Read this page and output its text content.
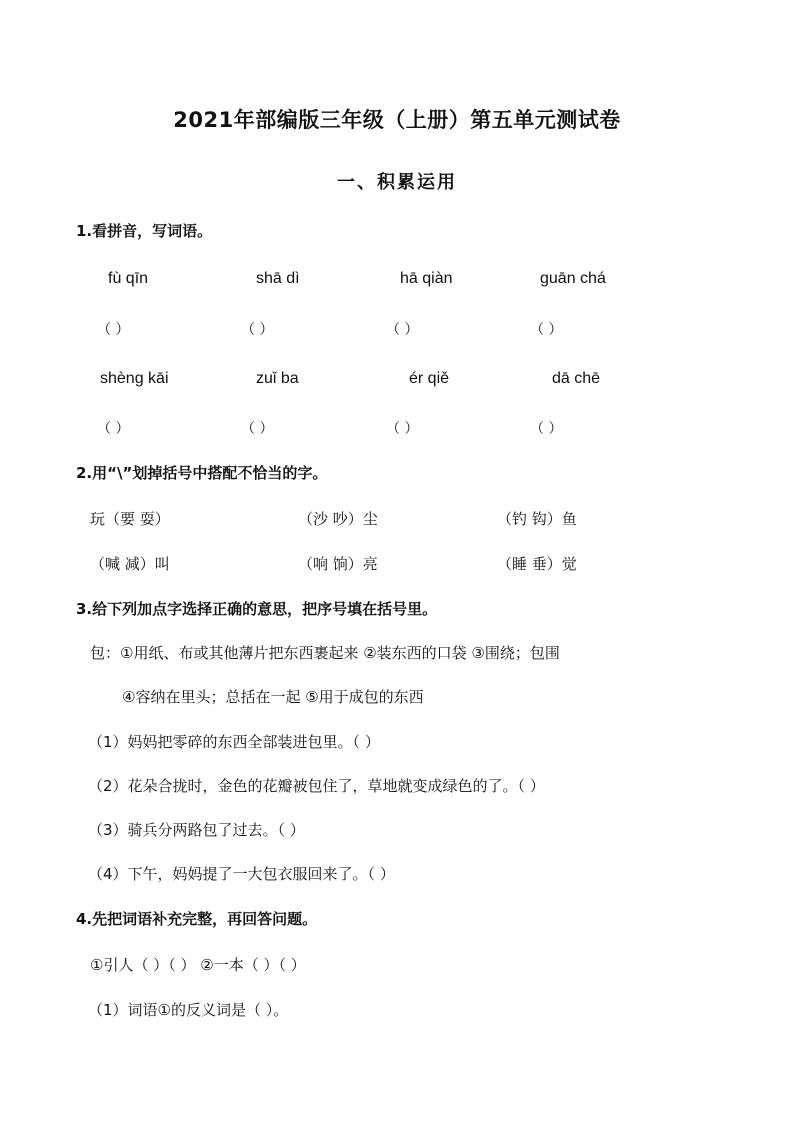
2021年部编版三年级（上册）第五单元测试卷
一、积累运用
1.看拼音，写词语。
fù qīn	shā dì	hā qiàn	guān chá
（ ）	（ ）	（ ）	（ ）
shèng kāi	zuǐ ba	ér qiě	dā chē
（ ）	（ ）	（ ）	（ ）
2.用“\”划掉括号中搭配不恰当的字。
玩（要 耍）	（沙 吵）尘	（钓 钩）鱼
（喊 减）叫	（响 饷）亮	（睡 垂）觉
3.给下列加点字选择正确的意思，把序号填在括号里。
包：①用纸、布或其他薄片把东西裹起来 ②装东西的口袋 ③围绕；包围
④容纳在里头；总括在一起 ⑤用于成包的东西
（1）妈妈把零碎的东西全部装进包里。（ ）
（2）花朵合拢时，金色的花瓣被包住了，草地就变成绿色的了。（ ）
（3）骑兵分两路包了过去。（ ）
（4）下午，妈妈提了一大包衣服回来了。（ ）
4.先把词语补充完整，再回答问题。
①引人（ ）（ ） ②一本（ ）（ ）
（1）词语①的反义词是（ ）。
